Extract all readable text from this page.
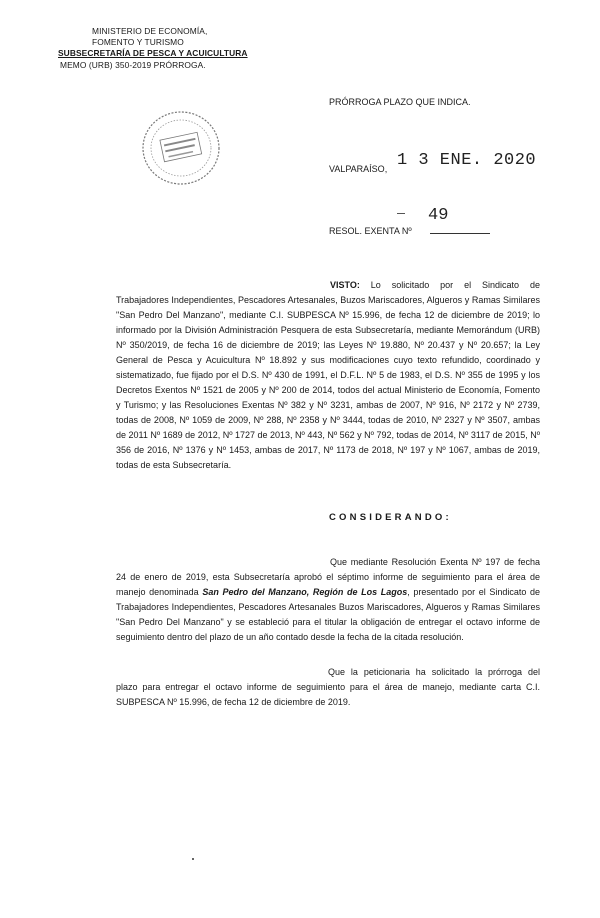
MINISTERIO DE ECONOMÍA,
FOMENTO Y TURISMO
SUBSECRETARÍA DE PESCA Y ACUICULTURA
MEMO (URB) 350-2019 PRÓRROGA.
PRÓRROGA PLAZO QUE INDICA.
VALPARAÍSO, 1 3 ENE. 2020
RESOL. EXENTA Nº
49
VISTO: Lo solicitado por el Sindicato de Trabajadores Independientes, Pescadores Artesanales, Buzos Mariscadores, Algueros y Ramas Similares "San Pedro Del Manzano", mediante C.I. SUBPESCA Nº 15.996, de fecha 12 de diciembre de 2019; lo informado por la División Administración Pesquera de esta Subsecretaría, mediante Memorándum (URB) Nº 350/2019, de fecha 16 de diciembre de 2019; las Leyes Nº 19.880, Nº 20.437 y Nº 20.657; la Ley General de Pesca y Acuicultura Nº 18.892 y sus modificaciones cuyo texto refundido, coordinado y sistematizado, fue fijado por el D.S. Nº 430 de 1991, el D.F.L. Nº 5 de 1983, el D.S. Nº 355 de 1995 y los Decretos Exentos Nº 1521 de 2005 y Nº 200 de 2014, todos del actual Ministerio de Economía, Fomento y Turismo; y las Resoluciones Exentas Nº 382 y Nº 3231, ambas de 2007, Nº 916, Nº 2172 y Nº 2739, todas de 2008, Nº 1059 de 2009, Nº 288, Nº 2358 y Nº 3444, todas de 2010, Nº 2327 y Nº 3507, ambas de 2011 Nº 1689 de 2012, Nº 1727 de 2013, Nº 443, Nº 562 y Nº 792, todas de 2014, Nº 3117 de 2015, Nº 356 de 2016, Nº 1376 y Nº 1453, ambas de 2017, Nº 1173 de 2018, Nº 197 y Nº 1067, ambas de 2019, todas de esta Subsecretaría.
CONSIDERANDO:
Que mediante Resolución Exenta Nº 197 de fecha 24 de enero de 2019, esta Subsecretaría aprobó el séptimo informe de seguimiento para el área de manejo denominada San Pedro del Manzano, Región de Los Lagos, presentado por el Sindicato de Trabajadores Independientes, Pescadores Artesanales Buzos Mariscadores, Algueros y Ramas Similares "San Pedro Del Manzano" y se estableció para el titular la obligación de entregar el octavo informe de seguimiento dentro del plazo de un año contado desde la fecha de la citada resolución.
Que la peticionaria ha solicitado la prórroga del plazo para entregar el octavo informe de seguimiento para el área de manejo, mediante carta C.I. SUBPESCA Nº 15.996, de fecha 12 de diciembre de 2019.
